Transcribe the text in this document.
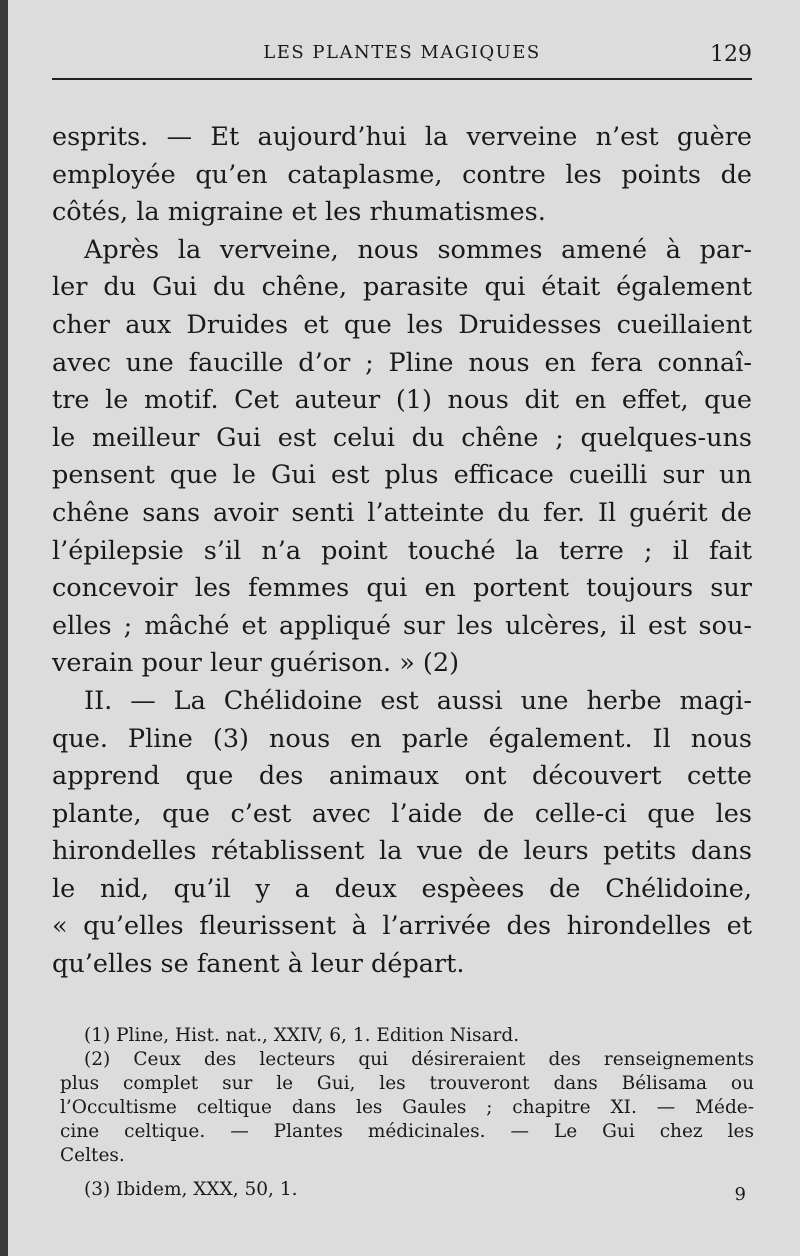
LES PLANTES MAGIQUES	129
esprits. — Et aujourd’hui la verveine n’est guère
employée qu’en cataplasme, contre les points de
côtés, la migraine et les rhumatismes.
Après la verveine, nous sommes amené à par-
ler du Gui du chêne, parasite qui était également
cher aux Druides et que les Druidesses cueillaient
avec une faucille d’or ; Pline nous en fera connaî-
tre le motif. Cet auteur (1) nous dit en effet, que
le meilleur Gui est celui du chêne ; quelques-uns
pensent que le Gui est plus efficace cueilli sur un
chêne sans avoir senti l’atteinte du fer. Il guérit de
l’épilepsie s’il n’a point touché la terre ; il fait
concevoir les femmes qui en portent toujours sur
elles ; mâché et appliqué sur les ulcères, il est sou-
verain pour leur guérison. » (2)
II. — La Chélidoine est aussi une herbe magi-
que. Pline (3) nous en parle également. Il nous
apprend que des animaux ont découvert cette
plante, que c’est avec l’aide de celle-ci que les
hirondelles rétablissent la vue de leurs petits dans
le nid, qu’il y a deux espèees de Chélidoine,
« qu’elles fleurissent à l’arrivée des hirondelles et
qu’elles se fanent à leur départ.
(1) Pline, Hist. nat., XXIV, 6, 1. Edition Nisard.
(2) Ceux des lecteurs qui désireraient des renseignements
plus complet sur le Gui, les trouveront dans Bélisama ou
l’Occultisme celtique dans les Gaules ; chapitre XI. — Méde-
cine celtique. — Plantes médicinales. — Le Gui chez les
Celtes.
(3) Ibidem, XXX, 50, 1.	9
